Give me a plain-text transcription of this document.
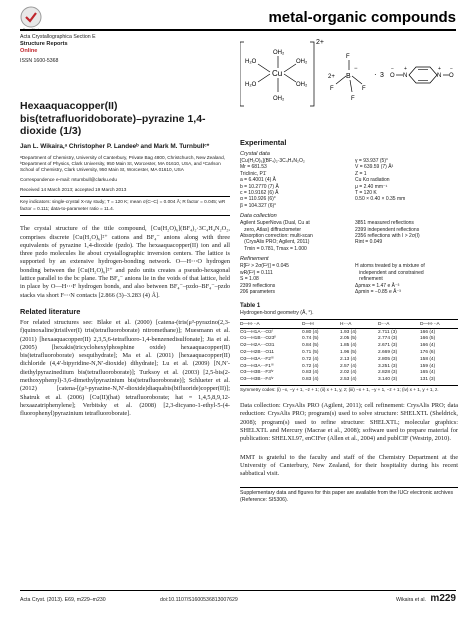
metal-organic compounds
Acta Crystallographica Section E
Structure Reports
Online
ISSN 1600-5368
2+
Cu
OH₂
OH₂
OH₂
OH₂
H₂O
H₂O
2+ B
F
F
F
F
−
· 3 O
−
N
+
N
+
O
−
Hexaaquacopper(II) bis(tetrafluoridoborate)–pyrazine 1,4-dioxide (1/3)
Jan L. Wikaira,ᵃ Christopher P. Landeeᵇ and Mark M. Turnbullᶜ*
ᵃDepartment of Chemistry, University of Canterbury, Private Bag 4800, Christchurch, New Zealand, ᵇDepartment of Physics, Clark University, 950 Main St, Worcester, MA 01610, USA, and ᶜCarlson School of Chemistry, Clark University, 950 Main St, Worcester, MA 01610, USA
Correspondence e-mail: mturnbull@clarku.edu
Received 14 March 2013; accepted 19 March 2013
Key indicators: single-crystal X-ray study; T = 120 K; mean σ(C–C) = 0.004 Å; R factor = 0.045; wR factor = 0.111; data-to-parameter ratio = 11.4.
The crystal structure of the title compound, [Cu(H₂O)₆](BF₄)₂·3C₄H₄N₂O₂, comprises discrete [Cu(H₂O)₆]²⁺ cations and BF₄⁻ anions along with three equivalents of pyrazine 1,4-dioxide (pzdo). The hexaaquacopper(II) ion and all three pzdo molecules lie about crystallographic inversion centers. The lattice is supported by an extensive hydrogen-bonding network. O—H⋯O hydrogen bonding between the [Cu(H₂O)₆]²⁺ and pzdo units creates a pseudo-hexagonal lattice parallel to the bc plane. The BF₄⁻ anions lie in the voids of that lattice, held in place by O—H⋯F hydrogen bonds, and also between BF₄⁻–pzdo–BF₄⁻–pzdo stacks via short F⋯N contacts [2.866 (3)–3.283 (4) Å].
Related literature
For related structures see: Blake et al. (2000) [catena-(tris(μ³-pyrazino(2,3-f)quinoxaline)trisilver(I) tris(tetrafluoroborate) nitromethane)]; Muesmann et al. (2011) [hexaaquacopper(II) 2,3,5,6-tetrafluoro-1,4-benzenedisulfonate]; Jia et al. (2005) [hexakis(tricyclohexylphosphine oxide) hexaaquacopper(II) bis(tetrafluoroborate) sesquihydrate]; Ma et al. (2001) [hexaaquacopper(II) dichloride (4,4′-bipyridine-N,N′-dioxide) dihydrate]; Lu et al. (2009) [N,N′-diethylpyrazinediium bis(tetrafluoroborate)]; Turksoy et al. (2003) [2,5-bis(2-methoxyphenyl)-3,6-dimethylpyrazinium bis(tetrafluoroborate)]; Schlueter et al. (2012) [catena-[(μ³-pyrazine-N,N′-dioxide)diaquabis(bifluoride)copper(II)]; Shatruk et al. (2006) [Cu(II)(hat) tetrafluoroborate; hat = 1,4,5,8,9,12-hexaazatriphenylene]; Verbitsky et al. (2008) [2,3-dicyano-1-ethyl-5-(4-fluorophenyl)pyrazinium tetrafluoroborate].
Experimental
Crystal data
[Cu(H₂O)₆](BF₄)₂·3C₄H₄N₂O₂
Mr = 681.53
Triclinic, P1̄
a = 6.4001 (4) Å
b = 10.2770 (7) Å
c = 10.9162 (6) Å
α = 110.926 (6)°
β = 104.327 (6)°
γ = 93.937 (5)°
V = 639.59 (7) Å³
Z = 1
Cu Kα radiation
μ = 2.40 mm⁻¹
T = 120 K
0.50 × 0.40 × 0.35 mm
Data collection
Agilent SuperNova (Dual, Cu at
zero, Atlas) diffractometer
Absorption correction: multi-scan
(CrysAlis PRO; Agilent, 2011)
Tmin = 0.781, Tmax = 1.000
3851 measured reflections
2399 independent reflections
2356 reflections with I > 2σ(I)
Rint = 0.049
Refinement
R[F² > 2σ(F²)] = 0.045
wR(F²) = 0.111
S = 1.08
2399 reflections
206 parameters
H atoms treated by a mixture of
independent and constrained
refinement
Δρmax = 1.47 e Å⁻³
Δρmin = −0.85 e Å⁻³
Table 1
Hydrogen-bond geometry (Å, °).
D—H⋯A	D—H	H⋯A	D⋯A	D—H⋯A
O1—H1A⋯O3ⁱ	0.80 (4)	1.93 (4)	2.711 (3)	166 (4)
O1—H1B⋯O23ⁱⁱ	0.74 (5)	2.05 (5)	2.774 (3)	166 (5)
O2—H2A⋯O31	0.84 (5)	1.85 (4)	2.671 (3)	166 (4)
O2—H2B⋯O11	0.71 (5)	1.96 (5)	2.669 (3)	176 (6)
O3—H3A⋯F2ⁱⁱⁱ	0.72 (4)	2.13 (4)	2.805 (3)	158 (4)
O3—H3A⋯F1ⁱⁱⁱ	0.72 (4)	2.57 (4)	3.251 (3)	159 (4)
O3—H3B⋯F3ⁱᵛ	0.83 (4)	2.02 (4)	2.828 (3)	165 (4)
O3—H3B⋯F4ⁱᵛ	0.83 (4)	2.53 (4)	3.140 (3)	131 (3)
Symmetry codes: (i) −x, −y + 1, −z + 1; (ii) x + 1, y, z; (iii) −x + 1, −y + 1, −z + 1; (iv) x + 1, y + 1, z.
Data collection: CrysAlis PRO (Agilent, 2011); cell refinement: CrysAlis PRO; data reduction: CrysAlis PRO; program(s) used to solve structure: SHELXTL (Sheldrick, 2008); program(s) used to refine structure: SHELXTL; molecular graphics: SHELXTL and Mercury (Macrae et al., 2008); software used to prepare material for publication: SHELXL97, enCIFer (Allen et al., 2004) and publCIF (Westrip, 2010).
MMT is grateful to the faculty and staff of the Chemistry Department at the University of Canterbury, New Zealand, for their hospitality during his recent sabbatical visit.
Supplementary data and figures for this paper are available from the IUCr electronic archives (Reference: SI5306).
Acta Cryst. (2013). E69, m229–m230	doi:10.1107/S1600536813007629	Wikaira et al. m229
